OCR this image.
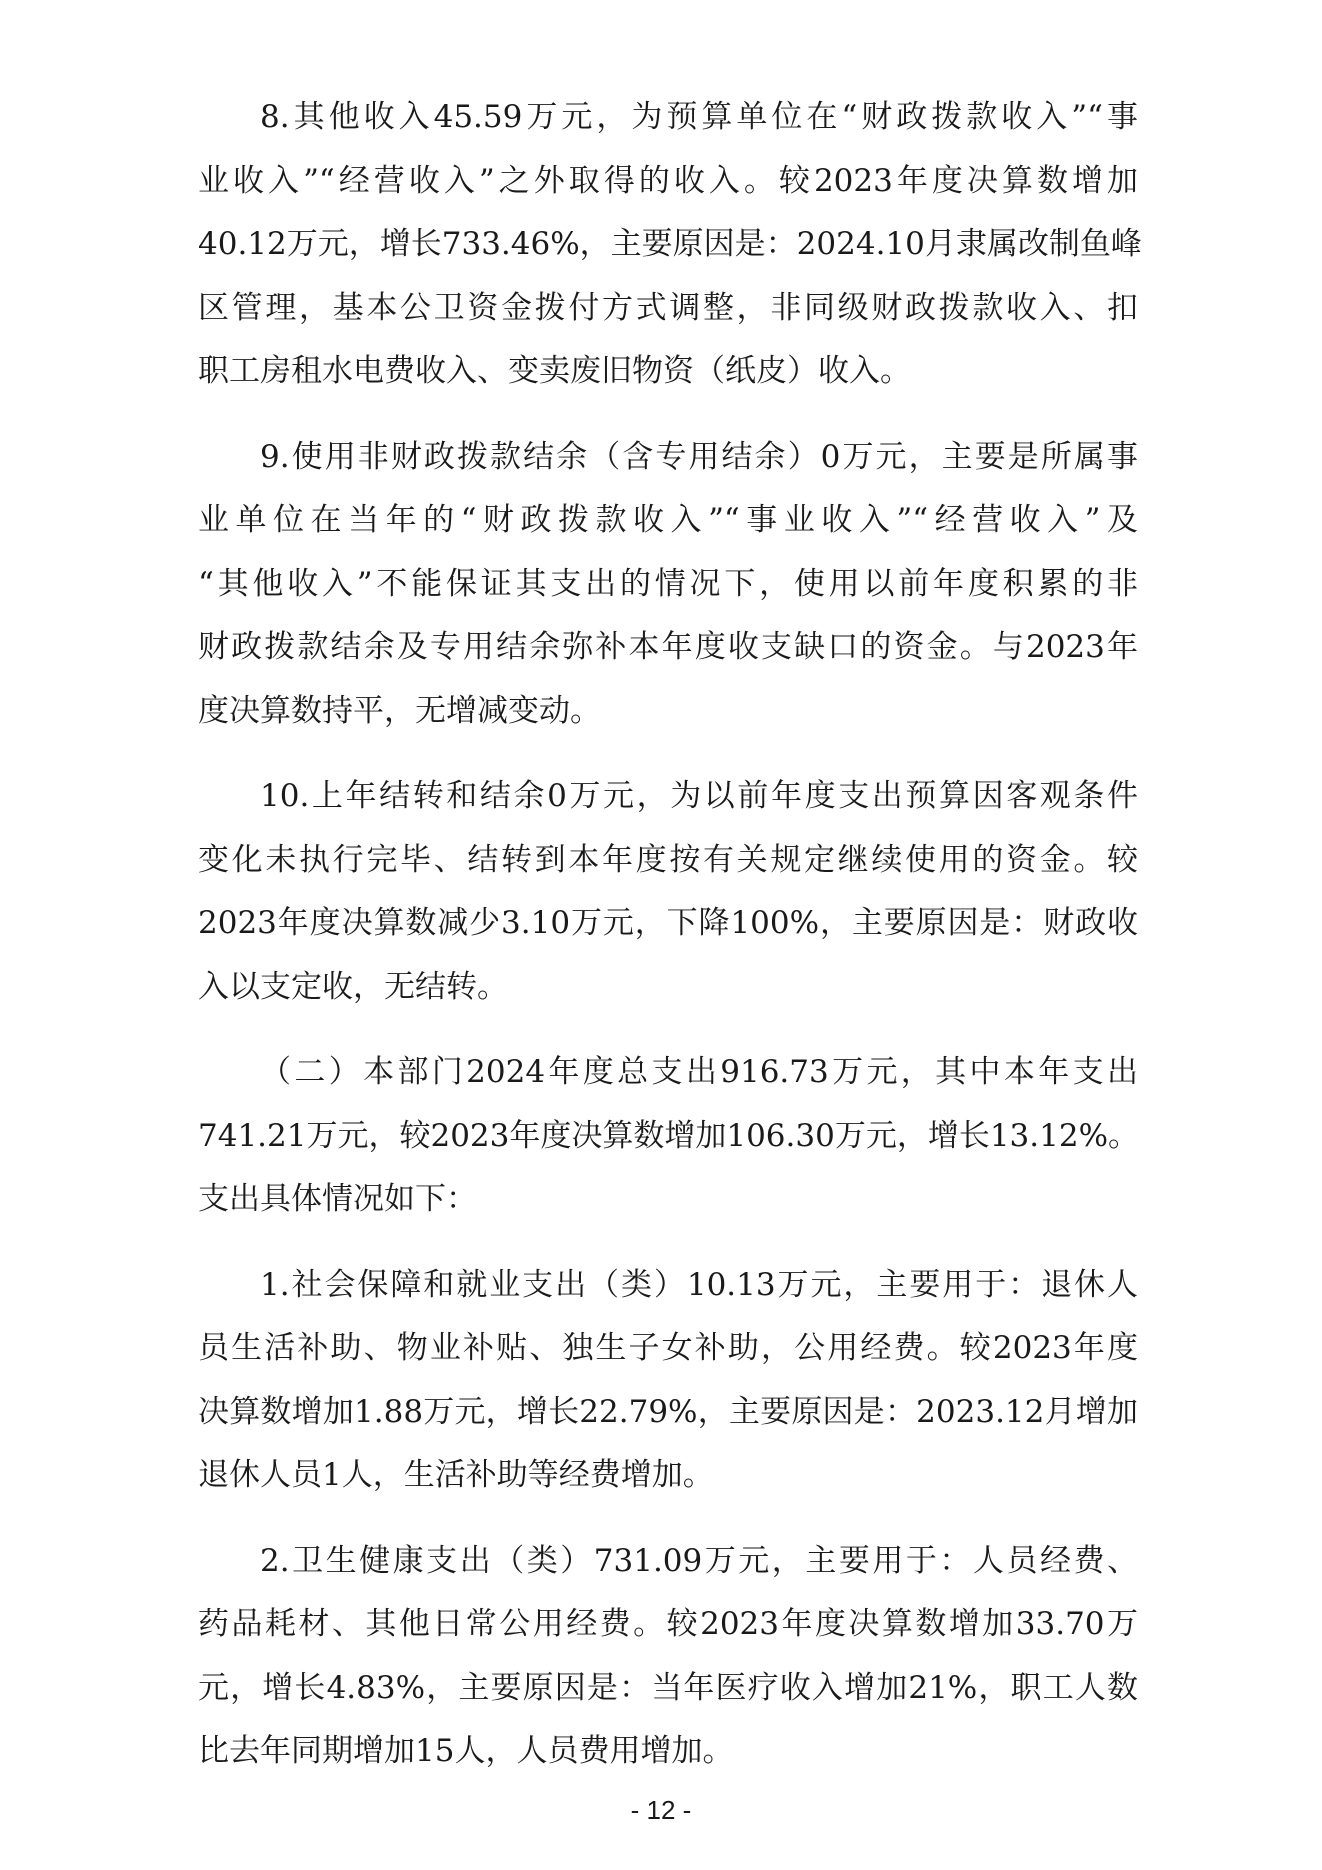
8.其他收入45.59万元，为预算单位在“财政拨款收入”“事
业收入”“经营收入”之外取得的收入。较2023年度决算数增加
40.12万元，增长733.46%，主要原因是：2024.10月隶属改制鱼峰
区管理，基本公卫资金拨付方式调整，非同级财政拨款收入、扣
职工房租水电费收入、变卖废旧物资（纸皮）收入。
9.使用非财政拨款结余（含专用结余）0万元，主要是所属事
业单位在当年的“财政拨款收入”“事业收入”“经营收入”及
“其他收入”不能保证其支出的情况下，使用以前年度积累的非
财政拨款结余及专用结余弥补本年度收支缺口的资金。与2023年
度决算数持平，无增减变动。
10.上年结转和结余0万元，为以前年度支出预算因客观条件
变化未执行完毕、结转到本年度按有关规定继续使用的资金。较
2023年度决算数减少3.10万元，下降100%，主要原因是：财政收
入以支定收，无结转。
（二）本部门2024年度总支出916.73万元，其中本年支出
741.21万元，较2023年度决算数增加106.30万元，增长13.12%。
支出具体情况如下：
1.社会保障和就业支出（类）10.13万元，主要用于：退休人
员生活补助、物业补贴、独生子女补助，公用经费。较2023年度
决算数增加1.88万元，增长22.79%，主要原因是：2023.12月增加
退休人员1人，生活补助等经费增加。
2.卫生健康支出（类）731.09万元，主要用于：人员经费、
药品耗材、其他日常公用经费。较2023年度决算数增加33.70万
元，增长4.83%，主要原因是：当年医疗收入增加21%，职工人数
比去年同期增加15人，人员费用增加。
- 12 -
